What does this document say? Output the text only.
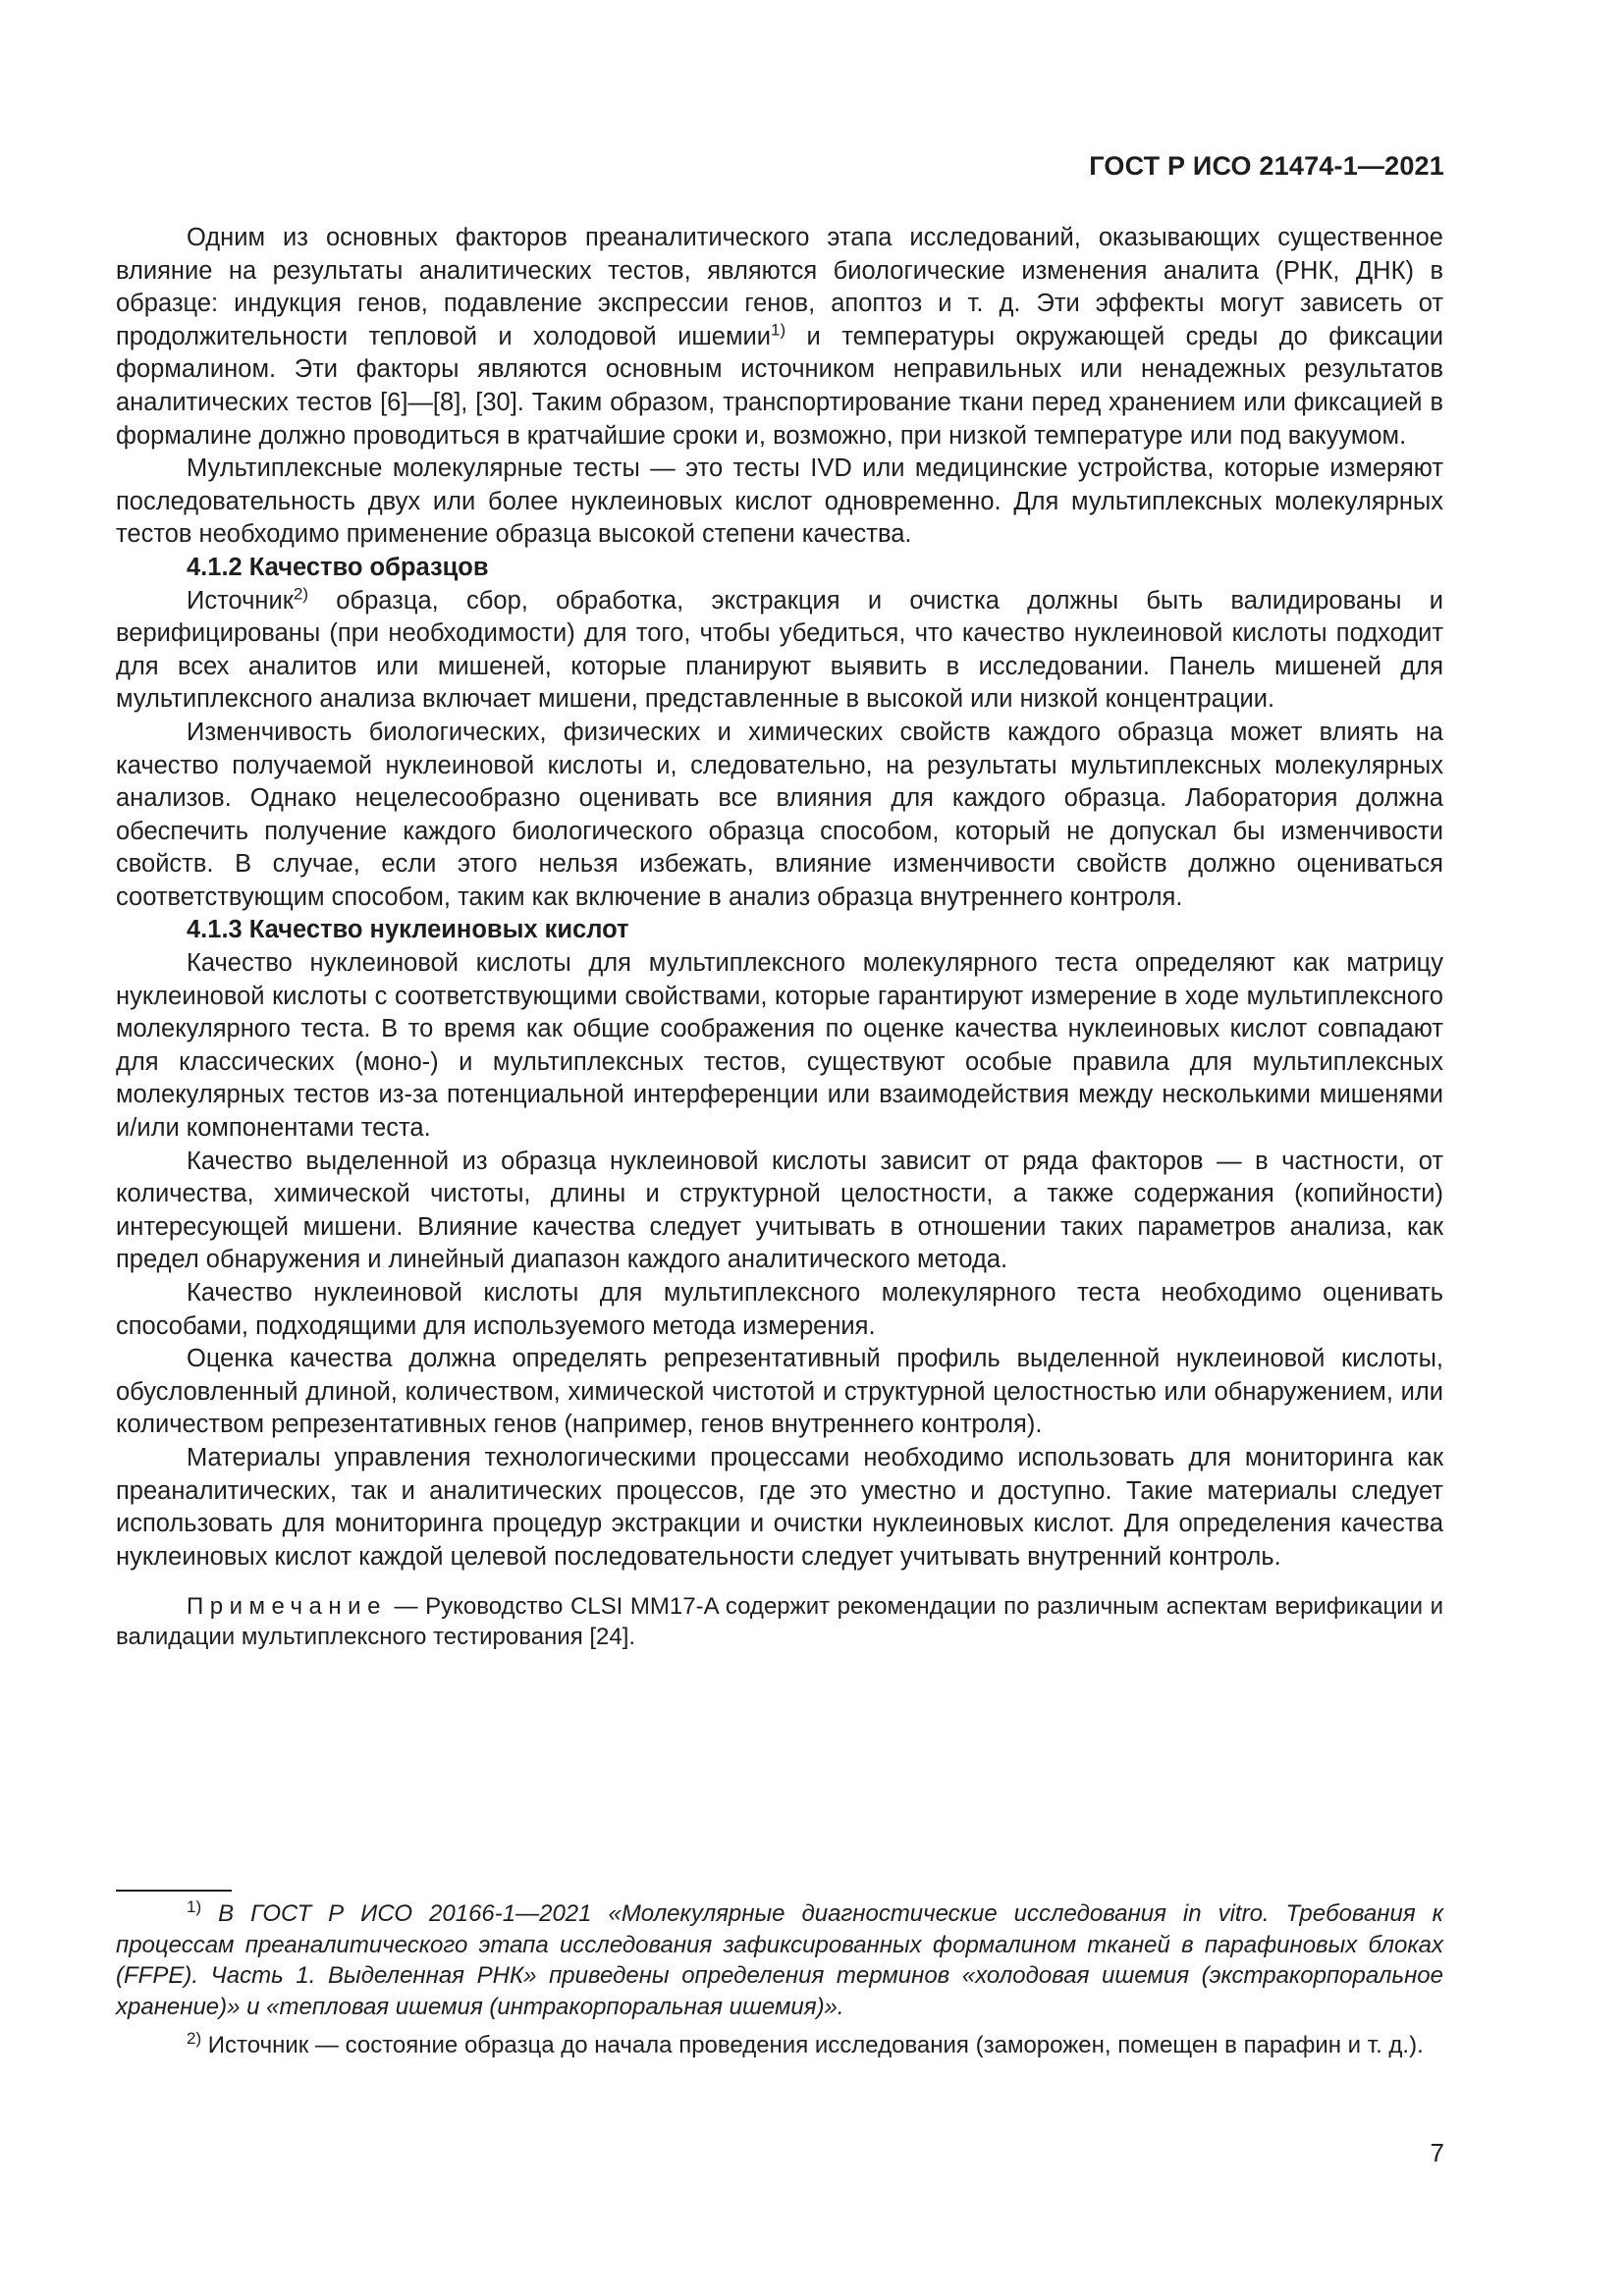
ГОСТ Р ИСО 21474-1—2021

Одним из основных факторов преаналитического этапа исследований, оказывающих существенное влияние на результаты аналитических тестов, являются биологические изменения аналита (РНК, ДНК) в образце: индукция генов, подавление экспрессии генов, апоптоз и т. д. Эти эффекты могут зависеть от продолжительности тепловой и холодовой ишемии$^{1)}$ и температуры окружающей среды до фиксации формалином. Эти факторы являются основным источником неправильных или ненадежных результатов аналитических тестов [6]—[8], [30]. Таким образом, транспортирование ткани перед хранением или фиксацией в формалине должно проводиться в кратчайшие сроки и, возможно, при низкой температуре или под вакуумом.

Мультиплексные молекулярные тесты — это тесты IVD или медицинские устройства, которые измеряют последовательность двух или более нуклеиновых кислот одновременно. Для мультиплексных молекулярных тестов необходимо применение образца высокой степени качества.

4.1.2 Качество образцов

Источник$^{2)}$ образца, сбор, обработка, экстракция и очистка должны быть валидированы и верифицированы (при необходимости) для того, чтобы убедиться, что качество нуклеиновой кислоты подходит для всех аналитов или мишеней, которые планируют выявить в исследовании. Панель мишеней для мультиплексного анализа включает мишени, представленные в высокой или низкой концентрации.

Изменчивость биологических, физических и химических свойств каждого образца может влиять на качество получаемой нуклеиновой кислоты и, следовательно, на результаты мультиплексных молекулярных анализов. Однако нецелесообразно оценивать все влияния для каждого образца. Лаборатория должна обеспечить получение каждого биологического образца способом, который не допускал бы изменчивости свойств. В случае, если этого нельзя избежать, влияние изменчивости свойств должно оцениваться соответствующим способом, таким как включение в анализ образца внутреннего контроля.

4.1.3 Качество нуклеиновых кислот

Качество нуклеиновой кислоты для мультиплексного молекулярного теста определяют как матрицу нуклеиновой кислоты с соответствующими свойствами, которые гарантируют измерение в ходе мультиплексного молекулярного теста. В то время как общие соображения по оценке качества нуклеиновых кислот совпадают для классических (моно-) и мультиплексных тестов, существуют особые правила для мультиплексных молекулярных тестов из-за потенциальной интерференции или взаимодействия между несколькими мишенями и/или компонентами теста.

Качество выделенной из образца нуклеиновой кислоты зависит от ряда факторов — в частности, от количества, химической чистоты, длины и структурной целостности, а также содержания (копийности) интересующей мишени. Влияние качества следует учитывать в отношении таких параметров анализа, как предел обнаружения и линейный диапазон каждого аналитического метода.

Качество нуклеиновой кислоты для мультиплексного молекулярного теста необходимо оценивать способами, подходящими для используемого метода измерения.

Оценка качества должна определять репрезентативный профиль выделенной нуклеиновой кислоты, обусловленный длиной, количеством, химической чистотой и структурной целостностью или обнаружением, или количеством репрезентативных генов (например, генов внутреннего контроля).

Материалы управления технологическими процессами необходимо использовать для мониторинга как преаналитических, так и аналитических процессов, где это уместно и доступно. Такие материалы следует использовать для мониторинга процедур экстракции и очистки нуклеиновых кислот. Для определения качества нуклеиновых кислот каждой целевой последовательности следует учитывать внутренний контроль.

Примечание — Руководство CLSI MM17-A содержит рекомендации по различным аспектам верификации и валидации мультиплексного тестирования [24].

$^{1)}$ В ГОСТ Р ИСО 20166-1—2021 «Молекулярные диагностические исследования in vitro. Требования к процессам преаналитического этапа исследования зафиксированных формалином тканей в парафиновых блоках (FFPE). Часть 1. Выделенная РНК» приведены определения терминов «холодовая ишемия (экстракорпоральное хранение)» и «тепловая ишемия (интракорпоральная ишемия)».

$^{2)}$ Источник — состояние образца до начала проведения исследования (заморожен, помещен в парафин и т. д.).

7
